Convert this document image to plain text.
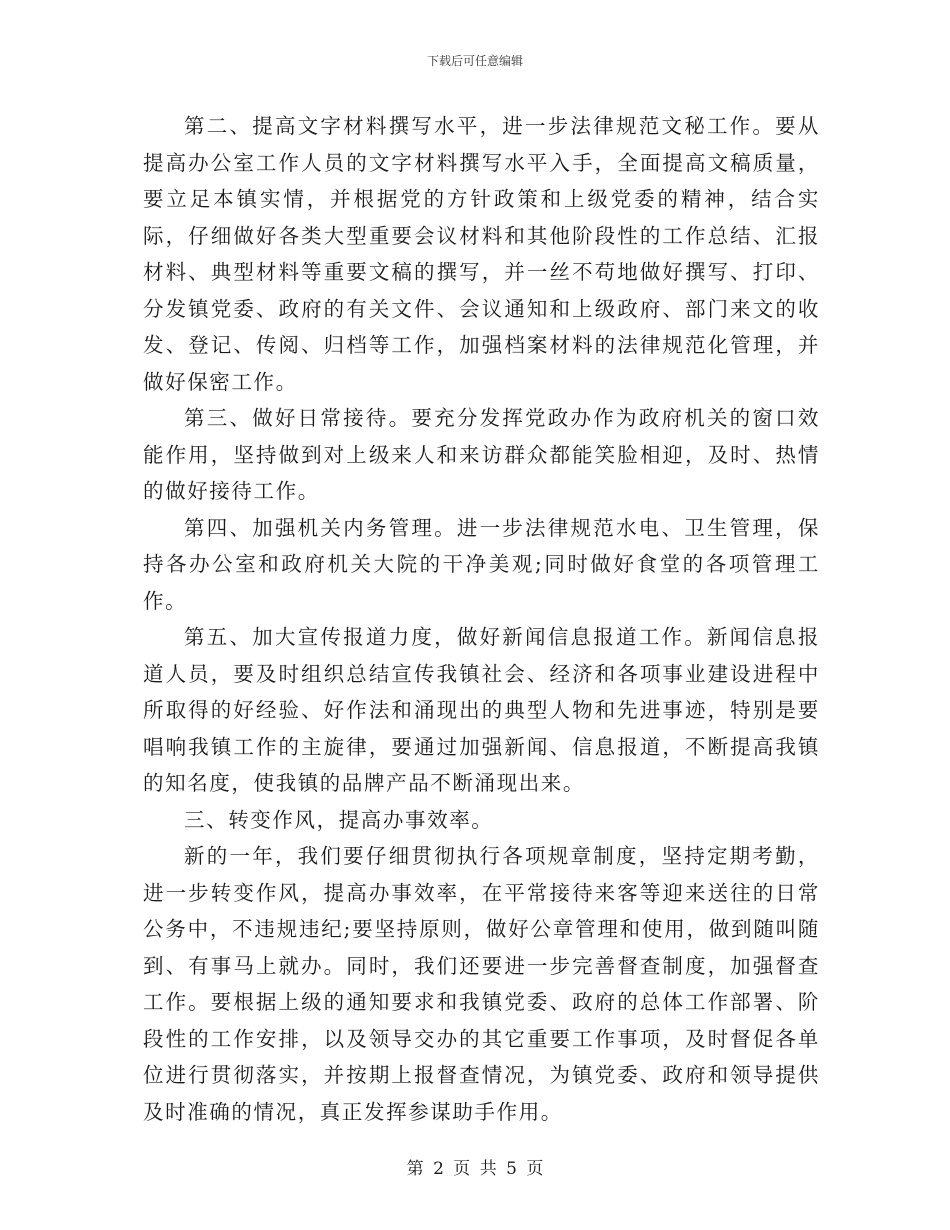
下载后可任意编辑

第二、提高文字材料撰写水平，进一步法律规范文秘工作。要从提高办公室工作人员的文字材料撰写水平入手，全面提高文稿质量，要立足本镇实情，并根据党的方针政策和上级党委的精神，结合实际，仔细做好各类大型重要会议材料和其他阶段性的工作总结、汇报材料、典型材料等重要文稿的撰写，并一丝不苟地做好撰写、打印、分发镇党委、政府的有关文件、会议通知和上级政府、部门来文的收发、登记、传阅、归档等工作，加强档案材料的法律规范化管理，并做好保密工作。

第三、做好日常接待。要充分发挥党政办作为政府机关的窗口效能作用，坚持做到对上级来人和来访群众都能笑脸相迎，及时、热情的做好接待工作。

第四、加强机关内务管理。进一步法律规范水电、卫生管理，保持各办公室和政府机关大院的干净美观;同时做好食堂的各项管理工作。

第五、加大宣传报道力度，做好新闻信息报道工作。新闻信息报道人员，要及时组织总结宣传我镇社会、经济和各项事业建设进程中所取得的好经验、好作法和涌现出的典型人物和先进事迹，特别是要唱响我镇工作的主旋律，要通过加强新闻、信息报道，不断提高我镇的知名度，使我镇的品牌产品不断涌现出来。

三、转变作风，提高办事效率。

新的一年，我们要仔细贯彻执行各项规章制度，坚持定期考勤，进一步转变作风，提高办事效率，在平常接待来客等迎来送往的日常公务中，不违规违纪;要坚持原则，做好公章管理和使用，做到随叫随到、有事马上就办。同时，我们还要进一步完善督查制度，加强督查工作。要根据上级的通知要求和我镇党委、政府的总体工作部署、阶段性的工作安排，以及领导交办的其它重要工作事项，及时督促各单位进行贯彻落实，并按期上报督查情况，为镇党委、政府和领导提供及时准确的情况，真正发挥参谋助手作用。

第 2 页 共 5 页
